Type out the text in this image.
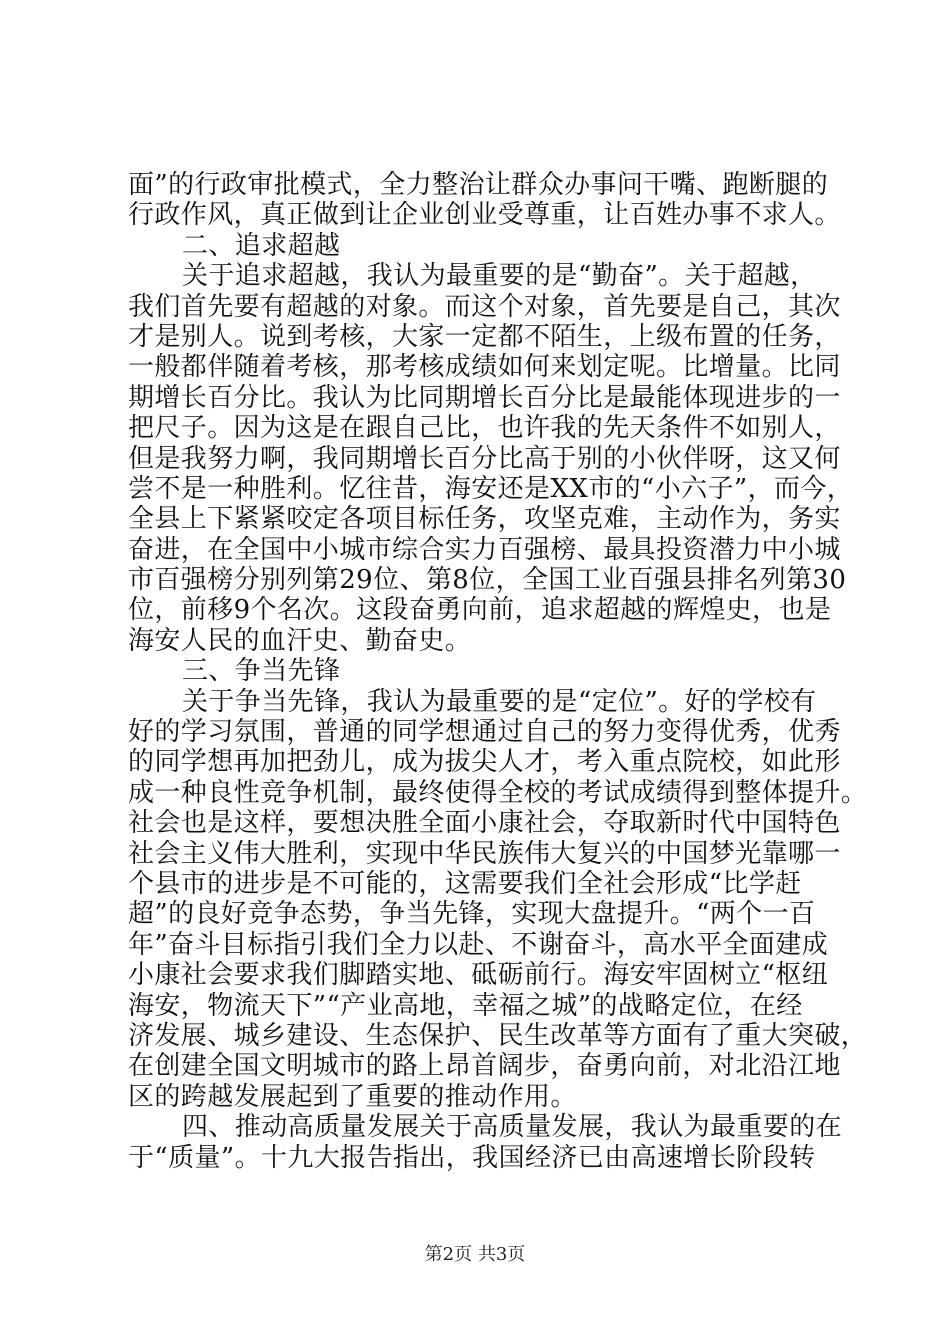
面”的行政审批模式，全力整治让群众办事问干嘴、跑断腿的
行政作风，真正做到让企业创业受尊重，让百姓办事不求人。
二、追求超越
关于追求超越，我认为最重要的是“勤奋”。关于超越，
我们首先要有超越的对象。而这个对象，首先要是自己，其次
才是别人。说到考核，大家一定都不陌生，上级布置的任务，
一般都伴随着考核，那考核成绩如何来划定呢。比增量。比同
期增长百分比。我认为比同期增长百分比是最能体现进步的一
把尺子。因为这是在跟自己比，也许我的先天条件不如别人，
但是我努力啊，我同期增长百分比高于别的小伙伴呀，这又何
尝不是一种胜利。忆往昔，海安还是XX市的“小六子”，而今，
全县上下紧紧咬定各项目标任务，攻坚克难，主动作为，务实
奋进，在全国中小城市综合实力百强榜、最具投资潜力中小城
市百强榜分别列第29位、第8位，全国工业百强县排名列第30
位，前移9个名次。这段奋勇向前，追求超越的辉煌史，也是
海安人民的血汗史、勤奋史。
三、争当先锋
关于争当先锋，我认为最重要的是“定位”。好的学校有
好的学习氛围，普通的同学想通过自己的努力变得优秀，优秀
的同学想再加把劲儿，成为拔尖人才，考入重点院校，如此形
成一种良性竞争机制，最终使得全校的考试成绩得到整体提升。
社会也是这样，要想决胜全面小康社会，夺取新时代中国特色
社会主义伟大胜利，实现中华民族伟大复兴的中国梦光靠哪一
个县市的进步是不可能的，这需要我们全社会形成“比学赶
超”的良好竞争态势，争当先锋，实现大盘提升。“两个一百
年”奋斗目标指引我们全力以赴、不谢奋斗，高水平全面建成
小康社会要求我们脚踏实地、砥砺前行。海安牢固树立“枢纽
海安，物流天下”“产业高地，幸福之城”的战略定位，在经
济发展、城乡建设、生态保护、民生改革等方面有了重大突破，
在创建全国文明城市的路上昂首阔步，奋勇向前，对北沿江地
区的跨越发展起到了重要的推动作用。
四、推动高质量发展关于高质量发展，我认为最重要的在
于“质量”。十九大报告指出，我国经济已由高速增长阶段转
第2页 共3页
